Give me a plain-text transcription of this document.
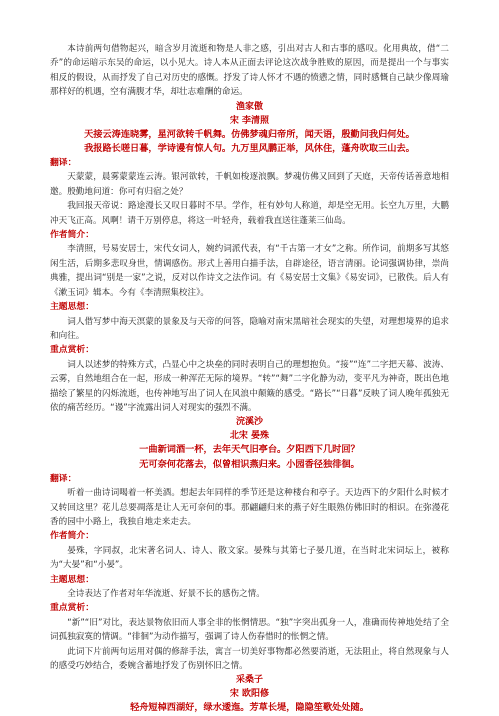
本诗前两句借物起兴，暗含岁月流逝和物是人非之感，引出对古人和古事的感叹。化用典故，借“二乔”的命运暗示东吴的命运，以小见大。诗人本从正面去评论这次战争胜败的原因，而是提出一个与事实相反的假设，从而抒发了自己对历史的感慨。抒发了诗人怀才不遇的愤懑之情，同时感慨自己缺少像周瑜那样好的机遇，空有满腹才华，却壮志难酬的命运。

渔家傲
宋 李清照
天接云涛连晓雾，星河欲转千帆舞。仿佛梦魂归帝所，闻天语，殷勤问我归何处。
我报路长嗟日暮，学诗谩有惊人句。九万里风鹏正举，风休住，蓬舟吹取三山去。
翻译：

天蒙蒙，晨雾蒙蒙连云涛。银河欲转，千帆如梭逐浪飘。梦魂仿佛又回到了天庭，天帝传话善意地相邀。殷勤地问道：你可有归宿之处？

我回报天帝说：路途漫长又叹日暮时不早。学作，枉有妙句人称道，却是空无用。长空九万里，大鹏冲天飞正高。风啊！请千万别停息，将这一叶轻舟，载着我直送往蓬莱三仙岛。

作者简介：

李清照，号易安居士，宋代女词人，婉约词派代表，有“千古第一才女”之称。所作词，前期多写其悠闲生活，后期多悲叹身世，情调感伤。形式上善用白描手法，自辟途径，语言清丽。论词强调协律，崇尚典雅，提出词“别是一家”之说，反对以作诗文之法作词。有《易安居士文集》《易安词》，已散佚。后人有《漱玉词》辑本。今有《李清照集校注》。

主题思想：

词人借写梦中海天溟蒙的景象及与天帝的问答，隐喻对南宋黑暗社会现实的失望，对理想境界的追求和向往。

重点赏析：

词人以述梦的特殊方式，凸显心中之块垒的同时表明自己的理想抱负。“接”“连”二字把天幕、波涛、云雾，自然地组合在一起，形成一种浑茫无际的境界。“转”“舞”二字化静为动，变平凡为神奇，既出色地描绘了繁星的闪烁流逝，也传神地写出了词人在风浪中颠簸的感受。“路长”“日暮”反映了词人晚年孤独无依的痛苦经历。“谩”字流露出词人对现实的强烈不满。

浣溪沙
北宋 晏殊
一曲新词酒一杯，去年天气旧亭台。夕阳西下几时回？
无可奈何花落去，似曾相识燕归来。小园香径独徘徊。
翻译：

听着一曲诗词喝着一杯美酒。想起去年同样的季节还是这种楼台和亭子。天边西下的夕阳什么时候才又转回这里？花儿总要凋落是让人无可奈何的事。那翩翩归来的燕子好生眼熟仿佛旧时的相识。在弥漫花香的园中小路上，我独自地走来走去。

作者简介：

晏殊，字同叔，北宋著名词人、诗人、散文家。晏殊与其第七子晏几道，在当时北宋词坛上，被称为“大晏”和“小晏”。

主题思想：

全诗表达了作者对年华流逝、好景不长的感伤之情。

重点赏析：

“新”“旧”对比，表达景物依旧而人事全非的怅惘情思。“独”字突出孤身一人，准确而传神地处结了全词孤独寂寞的情调。“徘徊”为动作描写，强调了诗人伤春惜时的怅惘之情。

此词下片前两句运用对偶的修辞手法，寓言一切美好事物都必然要消逝，无法阻止，将自然现象与人的感受巧妙结合，委婉含蓄地抒发了伤别怀旧之情。

采桑子
宋 欧阳修
轻舟短棹西湖好，绿水逶迤。芳草长堤，隐隐笙歌处处随。
